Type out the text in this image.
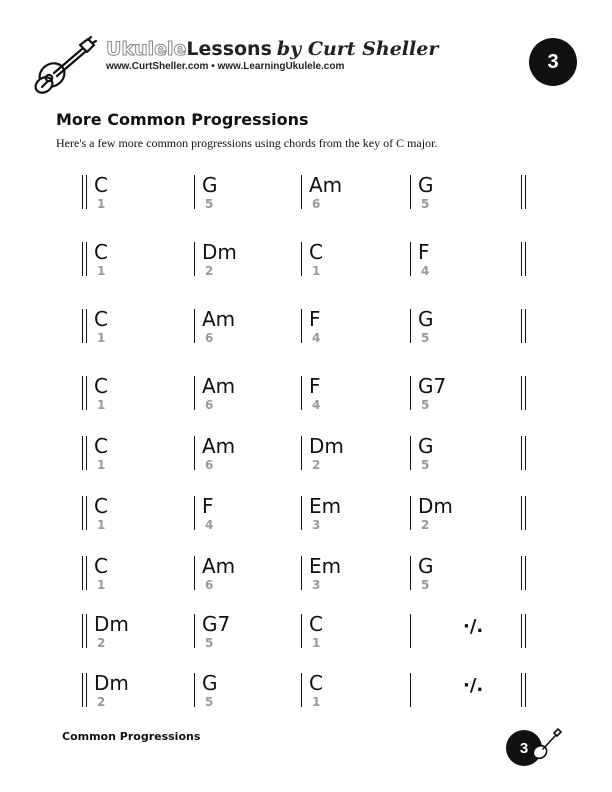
UkuleleLessons by Curt Sheller
www.CurtSheller.com • www.LearningUkulele.com	3
More Common Progressions
Here's a few more common progressions using chords from the key of C major.
C
1
G
5
Am
6
G
5
C
1
Dm
2
C
1
F
4
C
1
Am
6
F
4
G
5
C
1
Am
6
F
4
G7
5
C
1
Am
6
Dm
2
G
5
C
1
F
4
Em
3
Dm
2
C
1
Am
6
Em
3
G
5
Dm
2
G7
5
C
1
·/.
Dm
2
G
5
C
1
·/.
Common Progressions
3
